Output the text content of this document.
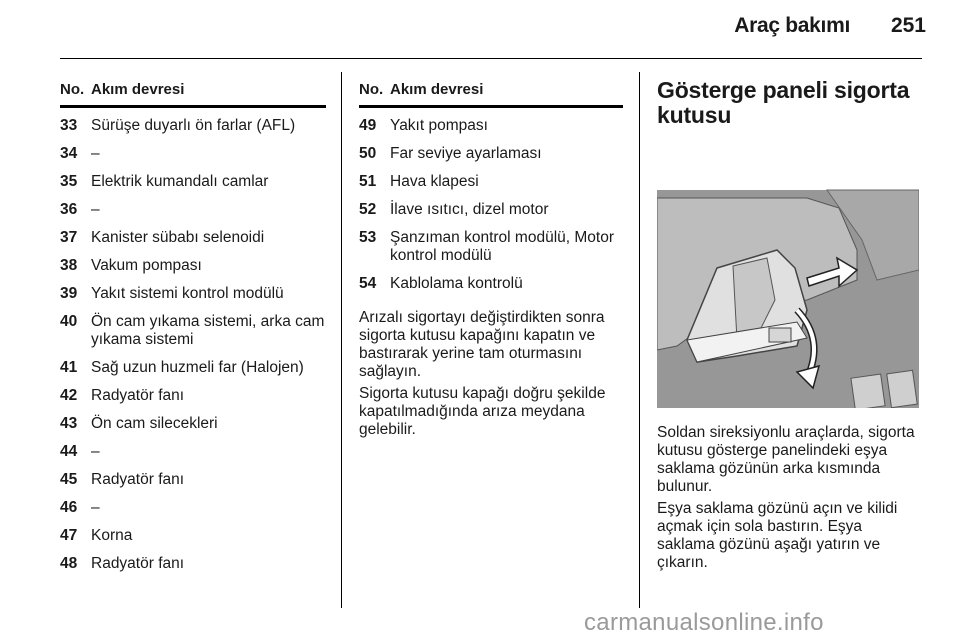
Araç bakımı	251
No. Akım devresi
33 Sürüşe duyarlı ön farlar (AFL)
34 –
35 Elektrik kumandalı camlar
36 –
37 Kanister sübabı selenoidi
38 Vakum pompası
39 Yakıt sistemi kontrol modülü
40 Ön cam yıkama sistemi, arka cam yıkama sistemi
41 Sağ uzun huzmeli far (Halojen)
42 Radyatör fanı
43 Ön cam silecekleri
44 –
45 Radyatör fanı
46 –
47 Korna
48 Radyatör fanı
No. Akım devresi
49 Yakıt pompası
50 Far seviye ayarlaması
51 Hava klapesi
52 İlave ısıtıcı, dizel motor
53 Şanzıman kontrol modülü, Motor kontrol modülü
54 Kablolama kontrolü

Arızalı sigortayı değiştirdikten sonra sigorta kutusu kapağını kapatın ve bastırarak yerine tam oturmasını sağlayın.

Sigorta kutusu kapağı doğru şekilde kapatılmadığında arıza meydana gelebilir.

Gösterge paneli sigorta kutusu

Soldan sireksiyonlu araçlarda, sigorta kutusu gösterge panelindeki eşya saklama gözünün arka kısmında bulunur.

Eşya saklama gözünü açın ve kilidi açmak için sola bastırın. Eşya saklama gözünü aşağı yatırın ve çıkarın.

carmanualsonline.info
